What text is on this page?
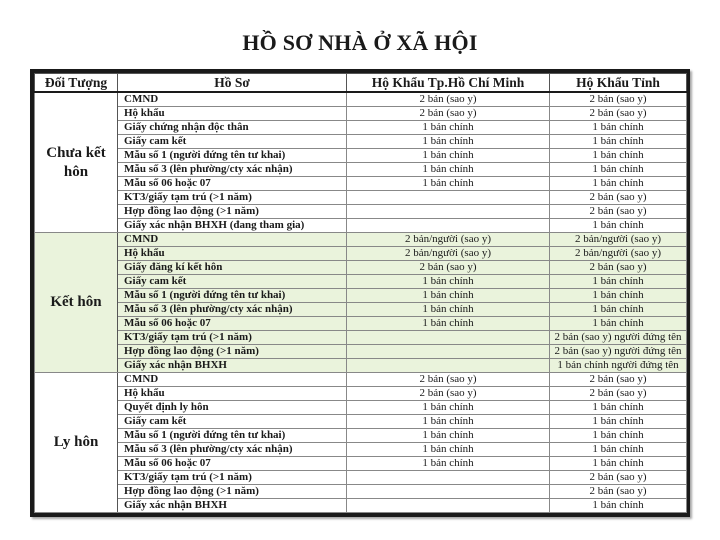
HỒ SƠ NHÀ Ở XÃ HỘI
Đối Tượng	Hồ Sơ	Hộ Khẩu Tp.Hồ Chí Minh	Hộ Khẩu Tỉnh
Chưa kết hôn	CMND	2 bản (sao y)	2 bản (sao y)
	Hộ khẩu	2 bản (sao y)	2 bản (sao y)
	Giấy chứng nhận độc thân	1 bản chính	1 bản chính
	Giấy cam kết	1 bản chính	1 bản chính
	Mẫu số 1 (người đứng tên tư khai)	1 bản chính	1 bản chính
	Mẫu số 3 (lên phường/cty xác nhận)	1 bản chính	1 bản chính
	Mẫu số 06 hoặc 07	1 bản chính	1 bản chính
	KT3/giấy tạm trú (>1 năm)		2 bản (sao y)
	Hợp đồng lao động (>1 năm)		2 bản (sao y)
	Giấy xác nhận BHXH (đang tham gia)		1 bản chính
Kết hôn	CMND	2 bản/người (sao y)	2 bản/người (sao y)
	Hộ khẩu	2 bản/người (sao y)	2 bản/người (sao y)
	Giấy đăng kí kết hôn	2 bản (sao y)	2 bản (sao y)
	Giấy cam kết	1 bản chính	1 bản chính
	Mẫu số 1 (người đứng tên tư khai)	1 bản chính	1 bản chính
	Mẫu số 3 (lên phường/cty xác nhận)	1 bản chính	1 bản chính
	Mẫu số 06 hoặc 07	1 bản chính	1 bản chính
	KT3/giấy tạm trú (>1 năm)		2 bản (sao y) người đứng tên
	Hợp đồng lao động (>1 năm)		2 bản (sao y) người đứng tên
	Giấy xác nhận BHXH		1 bản chính người đứng tên
Ly hôn	CMND	2 bản (sao y)	2 bản (sao y)
	Hộ khẩu	2 bản (sao y)	2 bản (sao y)
	Quyết định ly hôn	1 bản chính	1 bản chính
	Giấy cam kết	1 bản chính	1 bản chính
	Mẫu số 1 (người đứng tên tư khai)	1 bản chính	1 bản chính
	Mẫu số 3 (lên phường/cty xác nhận)	1 bản chính	1 bản chính
	Mẫu số 06 hoặc 07	1 bản chính	1 bản chính
	KT3/giấy tạm trú (>1 năm)		2 bản (sao y)
	Hợp đồng lao động (>1 năm)		2 bản (sao y)
	Giấy xác nhận BHXH		1 bản chính
